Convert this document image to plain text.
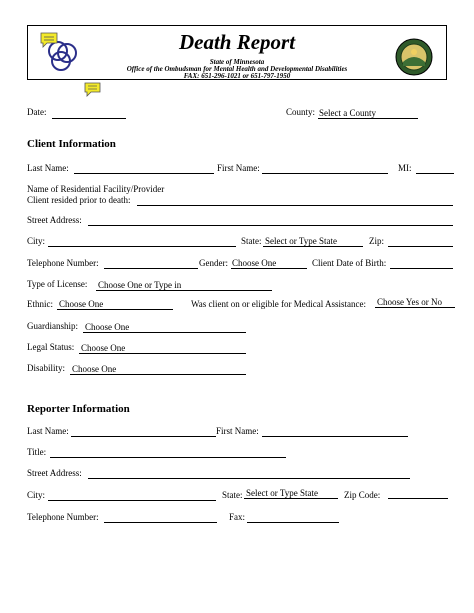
Death Report
State of Minnesota
Office of the Ombudsman for Mental Health and Developmental Disabilities
FAX: 651-296-1021 or 651-797-1950
Date:	County: Select a County
Client Information
Last Name:	First Name:	MI:
Name of Residential Facility/Provider
Client resided prior to death:
Street Address:
City:	State: Select or Type State	Zip:
Telephone Number:	Gender: Choose One	Client Date of Birth:
Type of License: Choose One or Type in
Ethnic: Choose One	Was client on or eligible for Medical Assistance: Choose Yes or No
Guardianship: Choose One
Legal Status: Choose One
Disability: Choose One
Reporter Information
Last Name:	First Name:
Title:
Street Address:
City:	State: Select or Type State	Zip Code:
Telephone Number:	Fax:
